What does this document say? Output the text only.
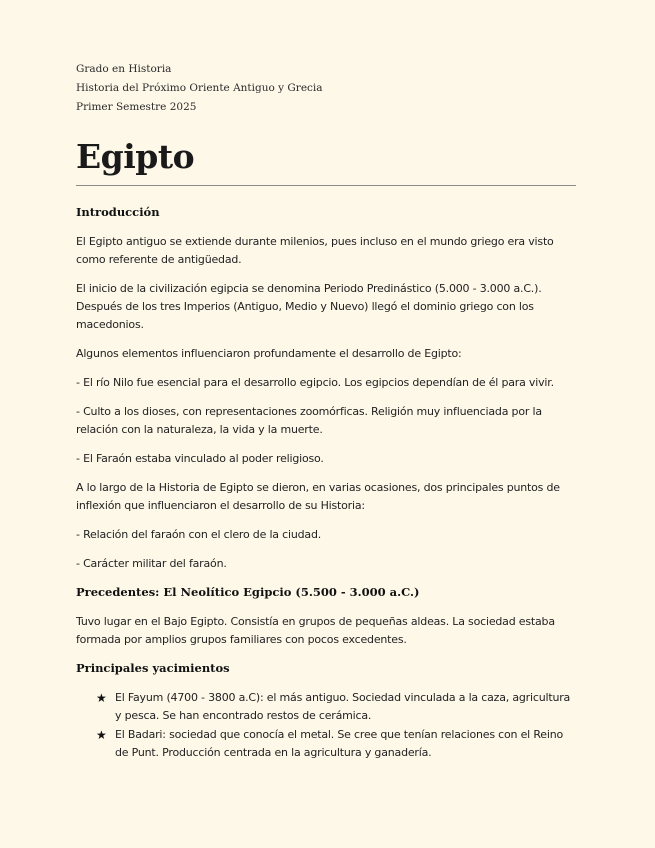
Grado en Historia
Historia del Próximo Oriente Antiguo y Grecia
Primer Semestre 2025
Egipto
Introducción

El Egipto antiguo se extiende durante milenios, pues incluso en el mundo griego era visto como referente de antigüedad.

El inicio de la civilización egipcia se denomina Periodo Predinástico (5.000 - 3.000 a.C.). Después de los tres Imperios (Antiguo, Medio y Nuevo) llegó el dominio griego con los macedonios.

Algunos elementos influenciaron profundamente el desarrollo de Egipto:

- El río Nilo fue esencial para el desarrollo egipcio. Los egipcios dependían de él para vivir.

- Culto a los dioses, con representaciones zoomórficas. Religión muy influenciada por la relación con la naturaleza, la vida y la muerte.

- El Faraón estaba vinculado al poder religioso.

A lo largo de la Historia de Egipto se dieron, en varias ocasiones, dos principales puntos de inflexión que influenciaron el desarrollo de su Historia:

- Relación del faraón con el clero de la ciudad.

- Carácter militar del faraón.

Precedentes: El Neolítico Egipcio (5.500 - 3.000 a.C.)

Tuvo lugar en el Bajo Egipto. Consistía en grupos de pequeñas aldeas. La sociedad estaba formada por amplios grupos familiares con pocos excedentes.

Principales yacimientos
★ El Fayum (4700 - 3800 a.C): el más antiguo. Sociedad vinculada a la caza, agricultura y pesca. Se han encontrado restos de cerámica.
★ El Badari: sociedad que conocía el metal. Se cree que tenían relaciones con el Reino de Punt. Producción centrada en la agricultura y ganadería.
